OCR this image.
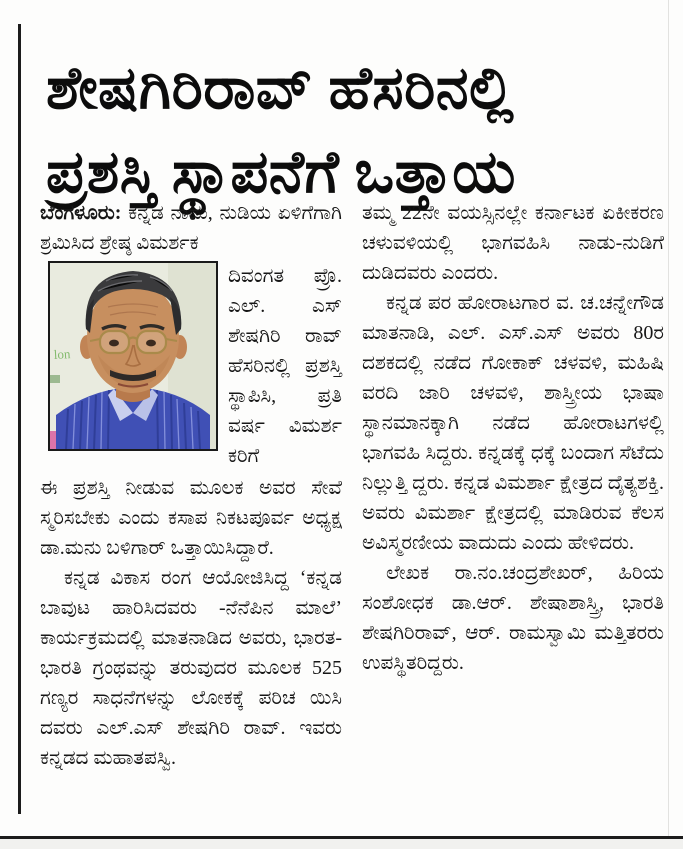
ಶೇಷಗಿರಿರಾವ್ ಹೆಸರಿನಲ್ಲಿ
ಪ್ರಶಸ್ತಿ ಸ್ಥಾಪನೆಗೆ ಒತ್ತಾಯ

ಬೆಂಗಳೂರು: ಕನ್ನಡ ನಾಡು, ನುಡಿಯ ಏಳಿಗೆಗಾಗಿ ಶ್ರಮಿಸಿದ ಶ್ರೇಷ್ಠ ವಿಮರ್ಶಕ

lon
ದಿವಂಗತ ಪ್ರೊ. ಎಲ್. ಎಸ್ ಶೇಷಗಿರಿ ರಾವ್ ಹೆಸರಿನಲ್ಲಿ ಪ್ರಶಸ್ತಿ ಸ್ಥಾಪಿಸಿ, ಪ್ರತಿ ವರ್ಷ ವಿಮರ್ಶ ಕರಿಗೆ

ಈ ಪ್ರಶಸ್ತಿ ನೀಡುವ ಮೂಲಕ ಅವರ ಸೇವೆ ಸ್ಮರಿಸಬೇಕು ಎಂದು ಕಸಾಪ ನಿಕಟಪೂರ್ವ ಅಧ್ಯಕ್ಷ ಡಾ.ಮನು ಬಳಿಗಾರ್ ಒತ್ತಾಯಿಸಿದ್ದಾರೆ.

ಕನ್ನಡ ವಿಕಾಸ ರಂಗ ಆಯೋಜಿಸಿದ್ದ ‘ಕನ್ನಡ ಬಾವುಟ ಹಾರಿಸಿದವರು -ನೆನೆಪಿನ ಮಾಲೆ’ ಕಾರ್ಯಕ್ರಮದಲ್ಲಿ ಮಾತನಾಡಿದ ಅವರು, ಭಾರತ-ಭಾರತಿ ಗ್ರಂಥವನ್ನು ತರುವುದರ ಮೂಲಕ 525 ಗಣ್ಯರ ಸಾಧನೆಗಳನ್ನು ಲೋಕಕ್ಕೆ ಪರಿಚ ಯಿಸಿ ದವರು ಎಲ್.ಎಸ್ ಶೇಷಗಿರಿ ರಾವ್. ಇವರು ಕನ್ನಡದ ಮಹಾತಪಸ್ವಿ.

ತಮ್ಮ 22ನೇ ವಯಸ್ಸಿನಲ್ಲೇ ಕರ್ನಾಟಕ ಏಕೀಕರಣ ಚಳುವಳಿಯಲ್ಲಿ ಭಾಗವಹಿಸಿ ನಾಡು-ನುಡಿಗೆ ದುಡಿದವರು ಎಂದರು.

ಕನ್ನಡ ಪರ ಹೋರಾಟಗಾರ ವ. ಚ.ಚನ್ನೇಗೌಡ ಮಾತನಾಡಿ, ಎಲ್. ಎಸ್.ಎಸ್ ಅವರು 80ರ ದಶಕದಲ್ಲಿ ನಡೆದ ಗೋಕಾಕ್ ಚಳವಳಿ, ಮಹಿಷಿ ವರದಿ ಜಾರಿ ಚಳವಳಿ, ಶಾಸ್ತ್ರೀಯ ಭಾಷಾ ಸ್ಥಾನಮಾನಕ್ಕಾಗಿ ನಡೆದ ಹೋರಾಟಗಳಲ್ಲಿ ಭಾಗವಹಿ ಸಿದ್ದರು. ಕನ್ನಡಕ್ಕೆ ಧಕ್ಕೆ ಬಂದಾಗ ಸೆಟೆದು ನಿಲ್ಲುತ್ತಿ ದ್ದರು. ಕನ್ನಡ ವಿಮರ್ಶಾ ಕ್ಷೇತ್ರದ ದೈತ್ಯಶಕ್ತಿ. ಅವರು ವಿಮರ್ಶಾ ಕ್ಷೇತ್ರದಲ್ಲಿ ಮಾಡಿರುವ ಕೆಲಸ ಅವಿಸ್ಮರಣೀಯ ವಾದುದು ಎಂದು ಹೇಳಿದರು.

ಲೇಖಕ ರಾ.ನಂ.ಚಂದ್ರಶೇಖರ್, ಹಿರಿಯ ಸಂಶೋಧಕ ಡಾ.ಆರ್. ಶೇಷಾಶಾಸ್ತ್ರಿ, ಭಾರತಿ ಶೇಷಗಿರಿರಾವ್, ಆರ್. ರಾಮಸ್ವಾಮಿ ಮತ್ತಿತರರು ಉಪಸ್ಥಿತರಿದ್ದರು.
